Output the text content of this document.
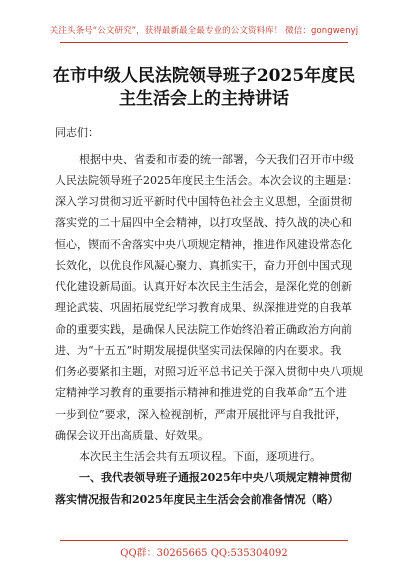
关注头条号“公文研究”，获得最新最全最专业的公文资料库！ 微信：gongwenyj
在市中级人民法院领导班子2025年度民
主生活会上的主持讲话
同志们：
根据中央、省委和市委的统一部署，今天我们召开市中级
人民法院领导班子2025年度民主生活会。本次会议的主题是：
深入学习贯彻习近平新时代中国特色社会主义思想，全面贯彻
落实党的二十届四中全会精神，以打攻坚战、持久战的决心和
恒心，锲而不舍落实中央八项规定精神，推进作风建设常态化
长效化，以优良作风凝心聚力、真抓实干，奋力开创中国式现
代化建设新局面。认真开好本次民主生活会，是深化党的创新
理论武装、巩固拓展党纪学习教育成果、纵深推进党的自我革
命的重要实践，是确保人民法院工作始终沿着正确政治方向前
进、为“十五五”时期发展提供坚实司法保障的内在要求。我
们务必要紧扣主题，对照习近平总书记关于深入贯彻中央八项规
定精神学习教育的重要指示精神和推进党的自我革命“五个进
一步到位”要求，深入检视剖析，严肃开展批评与自我批评，
确保会议开出高质量、好效果。
本次民主生活会共有五项议程。下面，逐项进行。
一、我代表领导班子通报2025年中央八项规定精神贯彻
落实情况报告和2025年度民主生活会会前准备情况（略）
QQ群：30265665 QQ:535304092
